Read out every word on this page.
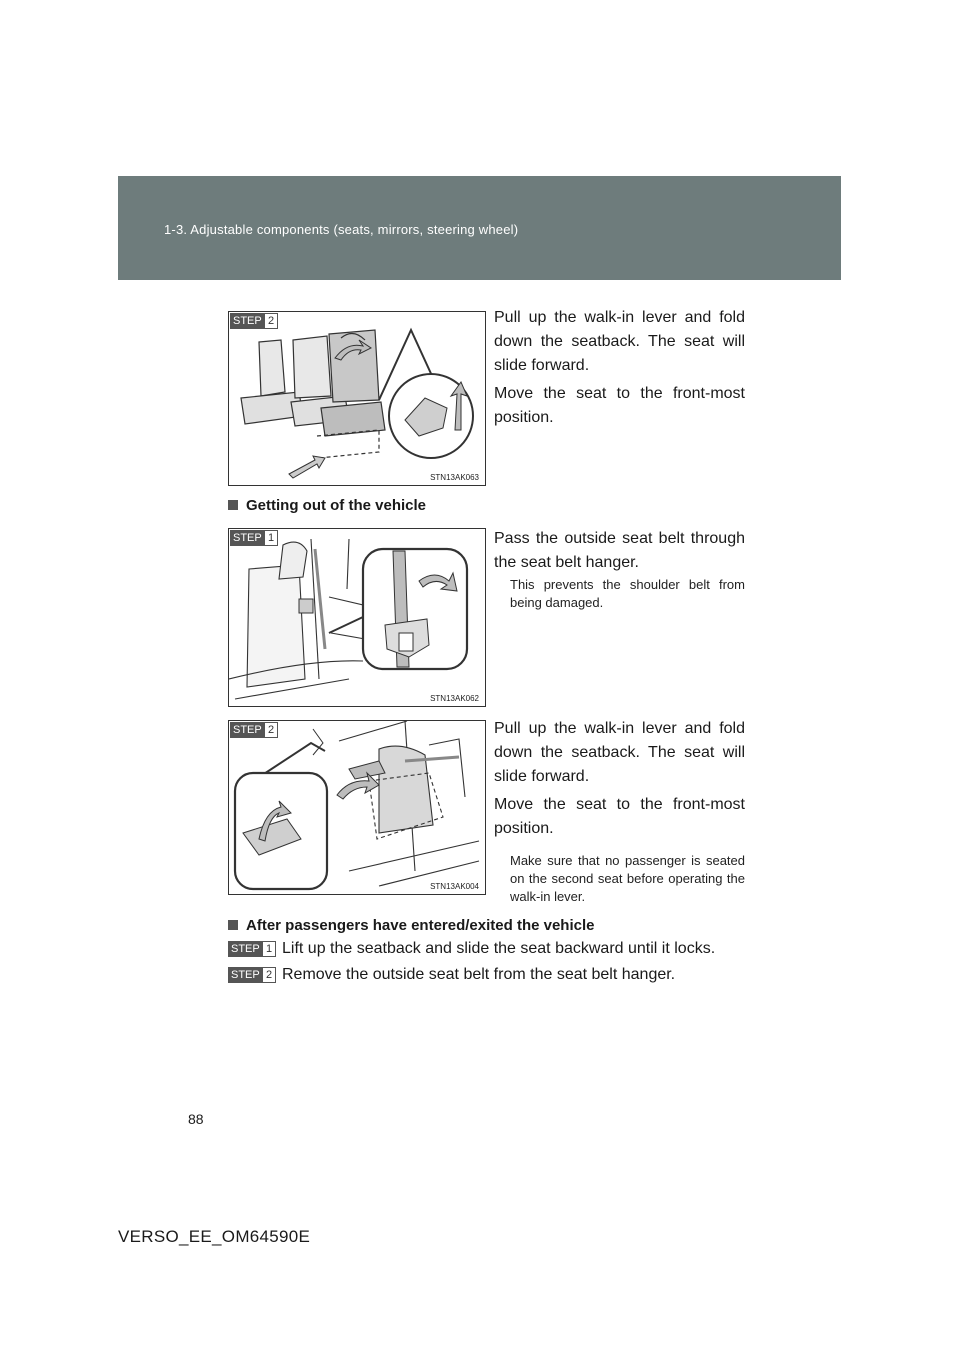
1-3. Adjustable components (seats, mirrors, steering wheel)
STEP 2
STN13AK063

Pull up the walk-in lever and fold down the seatback. The seat will slide forward.

Move the seat to the front-most position.

Getting out of the vehicle
STEP 1
STN13AK062

Pass the outside seat belt through the seat belt hanger.

This prevents the shoulder belt from being damaged.

STEP 2
STN13AK004

Pull up the walk-in lever and fold down the seatback. The seat will slide forward.

Move the seat to the front-most position.

Make sure that no passenger is seated on the second seat before operating the walk-in lever.

After passengers have entered/exited the vehicle
STEP 1 Lift up the seatback and slide the seat backward until it locks.
STEP 2 Remove the outside seat belt from the seat belt hanger.
88
VERSO_EE_OM64590E
